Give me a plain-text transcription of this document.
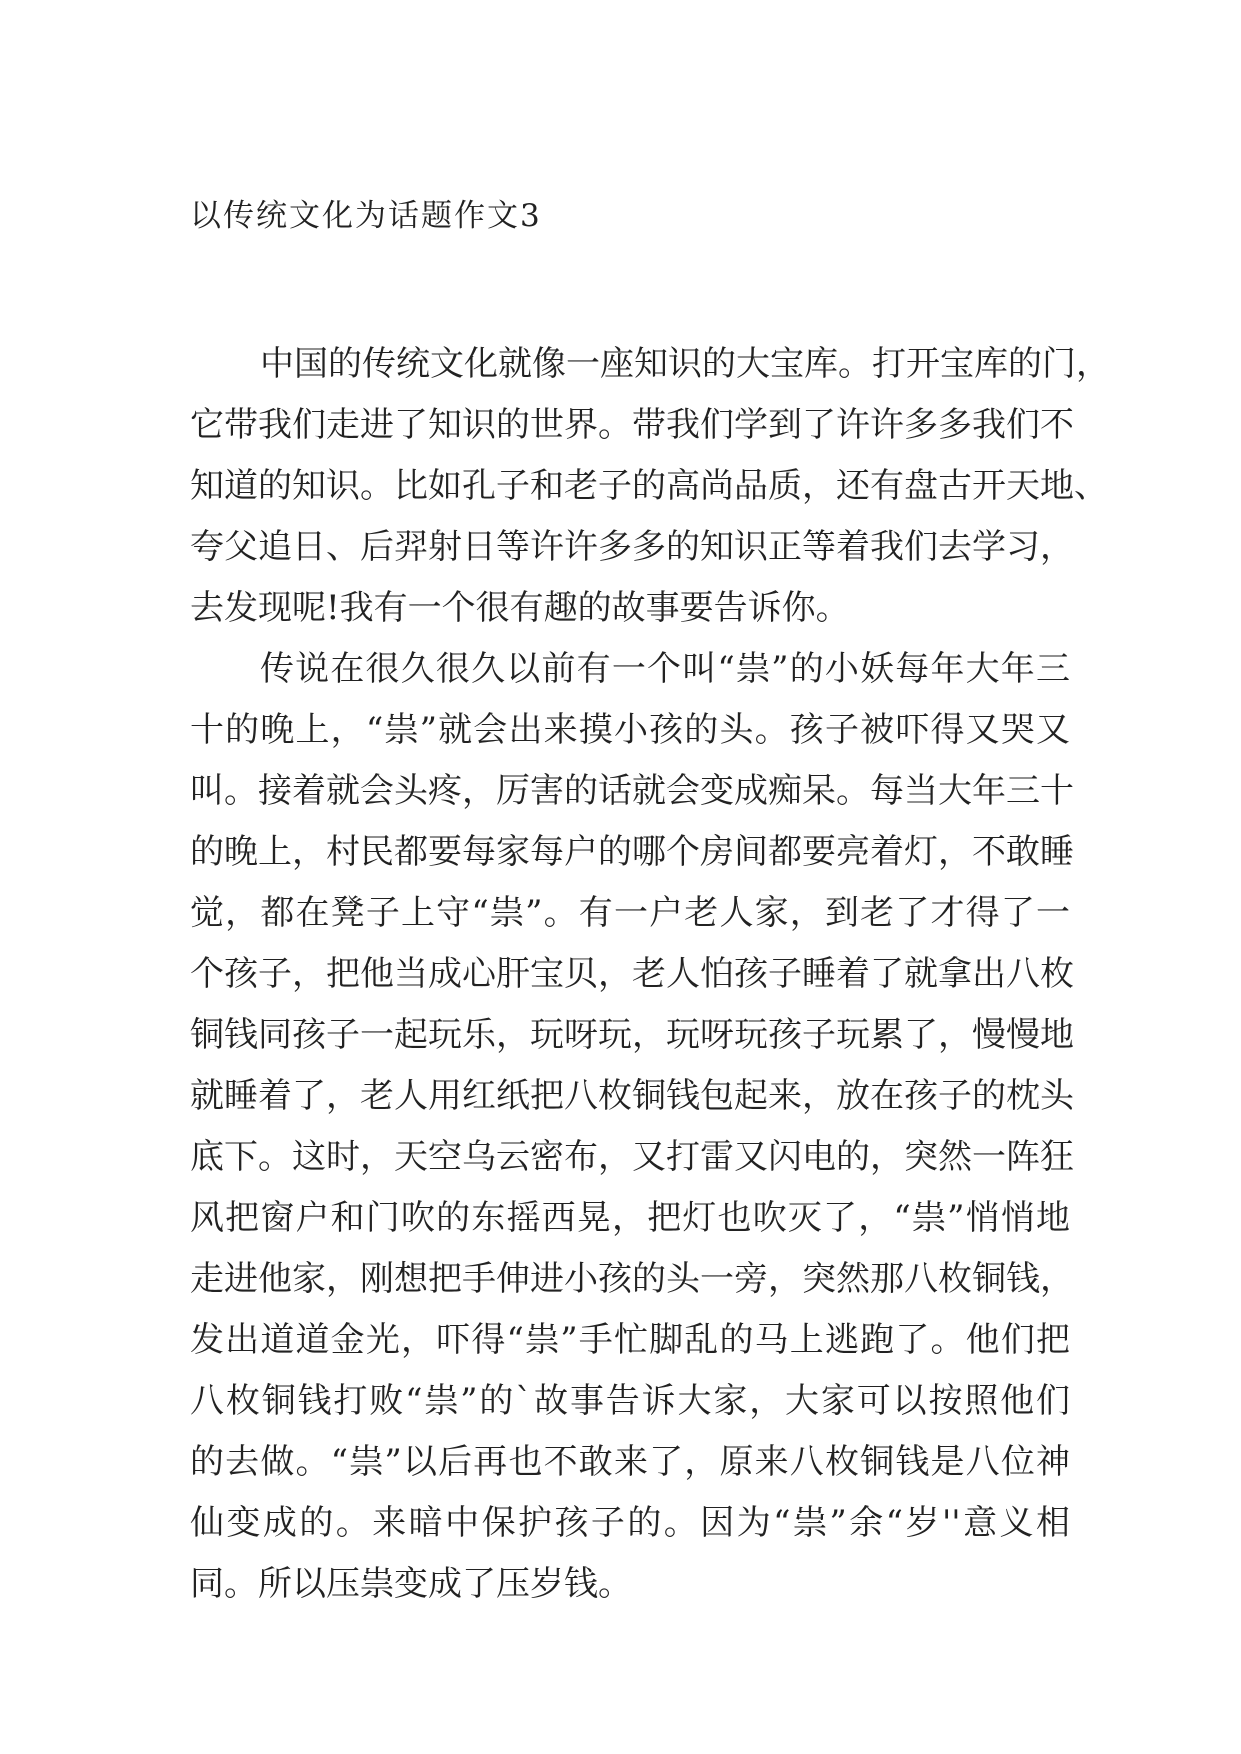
以传统文化为话题作文3
中国的传统文化就像一座知识的大宝库。打开宝库的门，
它带我们走进了知识的世界。带我们学到了许许多多我们不
知道的知识。比如孔子和老子的高尚品质，还有盘古开天地、
夸父追日、后羿射日等许许多多的知识正等着我们去学习，
去发现呢!我有一个很有趣的故事要告诉你。
传说在很久很久以前有一个叫“祟”的小妖每年大年三
十的晚上，“祟”就会出来摸小孩的头。孩子被吓得又哭又
叫。接着就会头疼，厉害的话就会变成痴呆。每当大年三十
的晚上，村民都要每家每户的哪个房间都要亮着灯，不敢睡
觉，都在凳子上守“祟”。有一户老人家，到老了才得了一
个孩子，把他当成心肝宝贝，老人怕孩子睡着了就拿出八枚
铜钱同孩子一起玩乐，玩呀玩，玩呀玩孩子玩累了，慢慢地
就睡着了，老人用红纸把八枚铜钱包起来，放在孩子的枕头
底下。这时，天空乌云密布，又打雷又闪电的，突然一阵狂
风把窗户和门吹的东摇西晃，把灯也吹灭了，“祟”悄悄地
走进他家，刚想把手伸进小孩的头一旁，突然那八枚铜钱，
发出道道金光，吓得“祟”手忙脚乱的马上逃跑了。他们把
八枚铜钱打败“祟”的`故事告诉大家，大家可以按照他们
的去做。“祟”以后再也不敢来了，原来八枚铜钱是八位神
仙变成的。来暗中保护孩子的。因为“祟”余“岁''意义相
同。所以压祟变成了压岁钱。
